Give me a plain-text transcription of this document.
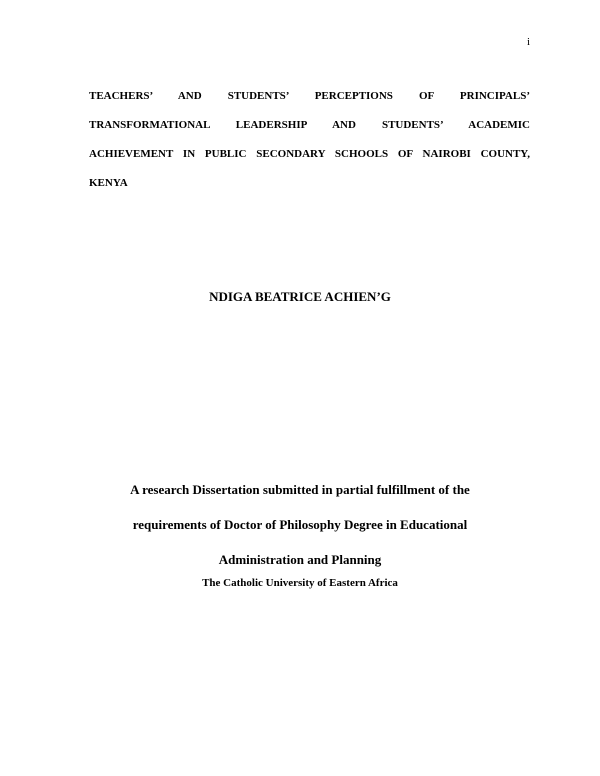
i
TEACHERS’ AND STUDENTS’ PERCEPTIONS OF PRINCIPALS’
TRANSFORMATIONAL LEADERSHIP AND STUDENTS’ ACADEMIC
ACHIEVEMENT IN PUBLIC SECONDARY SCHOOLS OF NAIROBI COUNTY,
KENYA
NDIGA BEATRICE ACHIEN’G
A research Dissertation submitted in partial fulfillment of the
requirements of Doctor of Philosophy Degree in Educational
Administration and Planning
The Catholic University of Eastern Africa
